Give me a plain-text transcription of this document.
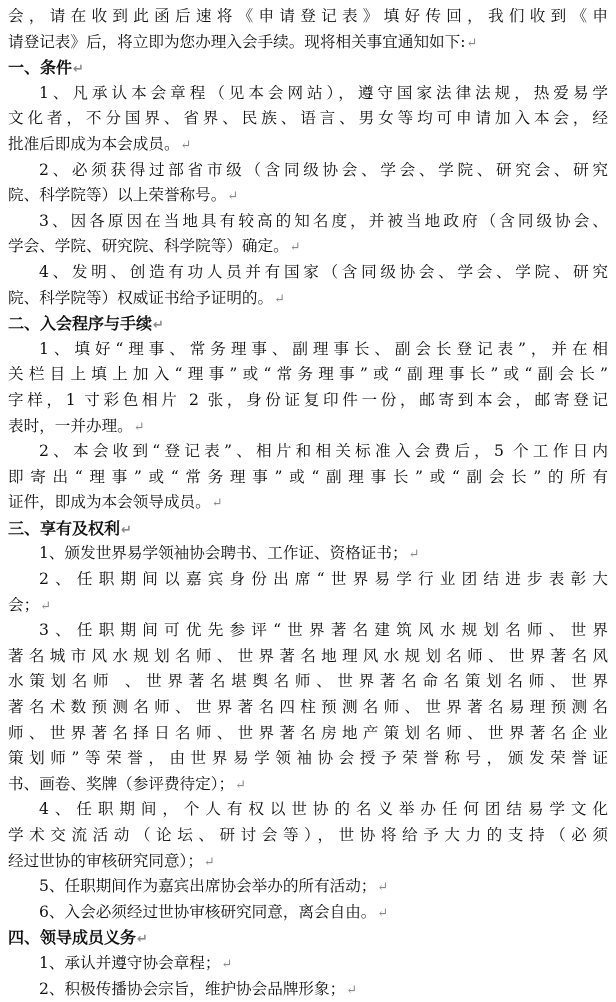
会，请在收到此函后速将《申请登记表》填好传回，我们收到《申
请登记表》后，将立即为您办理入会手续。现将相关事宜通知如下:↵
一、条件↵
1、凡承认本会章程（见本会网站），遵守国家法律法规，热爱易学
文化者，不分国界、省界、民族、语言、男女等均可申请加入本会，经
批准后即成为本会成员。↵
2、必须获得过部省市级（含同级协会、学会、学院、研究会、研究
院、科学院等）以上荣誉称号。↵
3、因各原因在当地具有较高的知名度，并被当地政府（含同级协会、
学会、学院、研究院、科学院等）确定。↵
4、发明、创造有功人员并有国家（含同级协会、学会、学院、研究
院、科学院等）权威证书给予证明的。↵
二、入会程序与手续↵
1、填好“理事、常务理事、副理事长、副会长登记表”，并在相
关栏目上填上加入“理事”或“常务理事”或“副理事长”或“副会长”
字样，1 寸彩色相片 2 张，身份证复印件一份，邮寄到本会，邮寄登记
表时，一并办理。↵
2、本会收到“登记表”、相片和相关标准入会费后，5 个工作日内
即寄出“理事”或“常务理事”或“副理事长”或“副会长”的所有
证件，即成为本会领导成员。↵
三、享有及权利↵
1、颁发世界易学领袖协会聘书、工作证、资格证书；↵
2、任职期间以嘉宾身份出席“世界易学行业团结进步表彰大
会；↵
3、任职期间可优先参评“世界著名建筑风水规划名师、世界
著名城市风水规划名师、世界著名地理风水规划名师、世界著名风
水策划名师 、世界著名堪舆名师、世界著名命名策划名师、世界
著名术数预测名师、世界著名四柱预测名师、世界著名易理预测名
师、世界著名择日名师、世界著名房地产策划名师、世界著名企业
策划师”等荣誉，由世界易学领袖协会授予荣誉称号，颁发荣誉证
书、画卷、奖牌（参评费待定）；↵
4、任职期间，个人有权以世协的名义举办任何团结易学文化
学术交流活动（论坛、研讨会等），世协将给予大力的支持（必须
经过世协的审核研究同意）；↵
5、任职期间作为嘉宾出席协会举办的所有活动；↵
6、入会必须经过世协审核研究同意，离会自由。↵
四、领导成员义务↵
1、承认并遵守协会章程；↵
2、积极传播协会宗旨，维护协会品牌形象；↵
